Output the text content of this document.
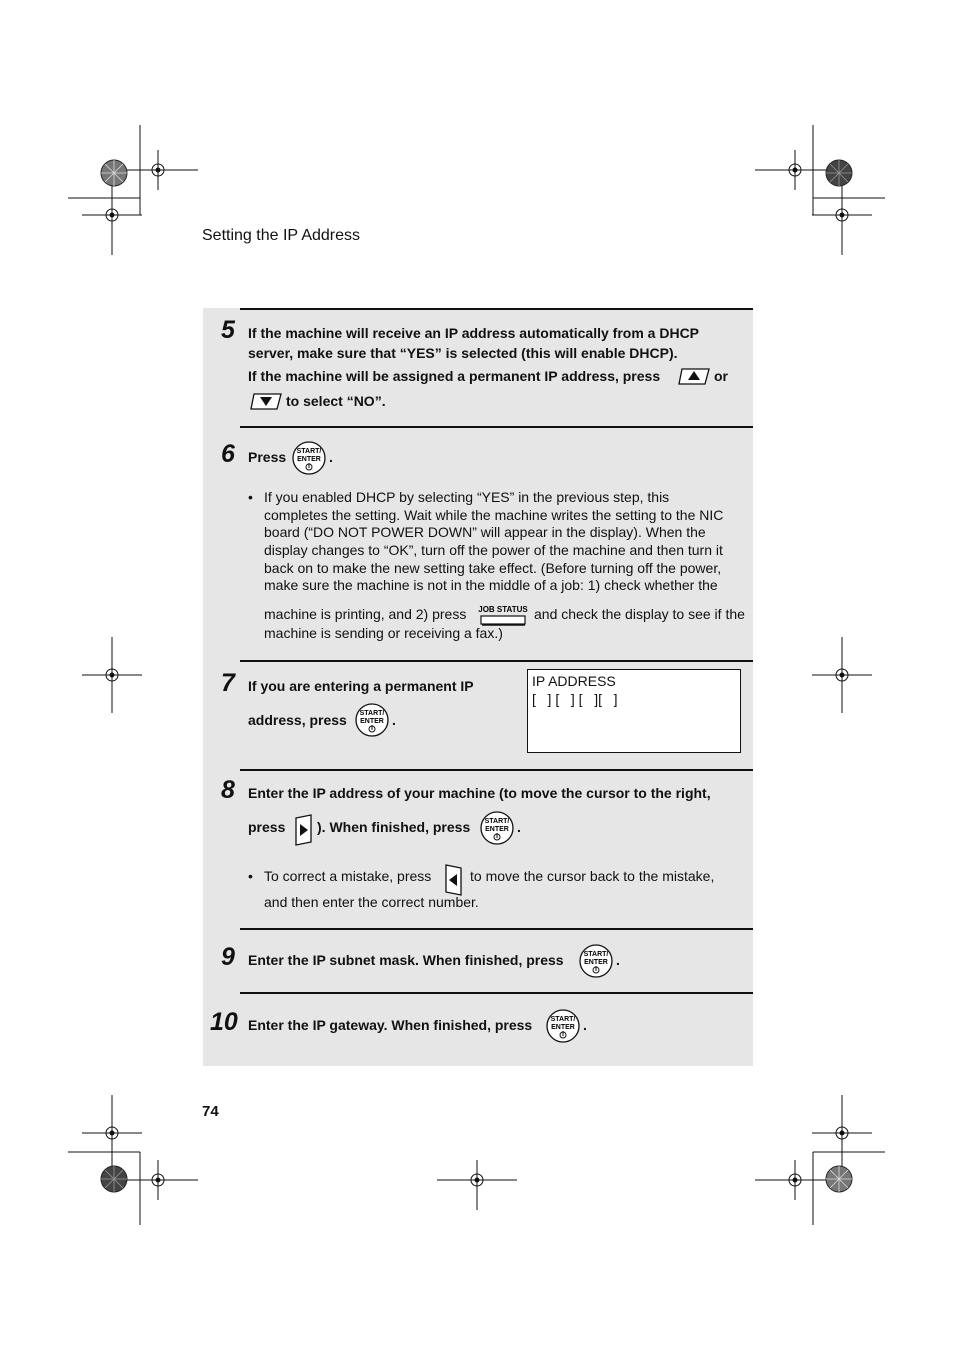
Setting the IP Address
5 If the machine will receive an IP address automatically from a DHCP
server, make sure that “YES” is selected (this will enable DHCP).
If the machine will be assigned a permanent IP address, press	or
to select “NO”.
6 Press START/
ENTER .
• If you enabled DHCP by selecting “YES” in the previous step, this
completes the setting. Wait while the machine writes the setting to the NIC
board (“DO NOT POWER DOWN” will appear in the display). When the
display changes to “OK”, turn off the power of the machine and then turn it
back on to make the new setting take effect. (Before turning off the power,
make sure the machine is not in the middle of a job: 1) check whether the
machine is printing, and 2) press JOB STATUS and check the display to see if the
machine is sending or receiving a fax.)
7 If you are entering a permanent IP
address, press START/
ENTER .
IP ADDRESS
[   ] [   ] [   ][   ]
8 Enter the IP address of your machine (to move the cursor to the right,
press ). When finished, press START/
ENTER .
• To correct a mistake, press	to move the cursor back to the mistake,
and then enter the correct number.
9 Enter the IP subnet mask. When finished, press	START/
ENTER .
10 Enter the IP gateway. When finished, press	START/
ENTER .
74
